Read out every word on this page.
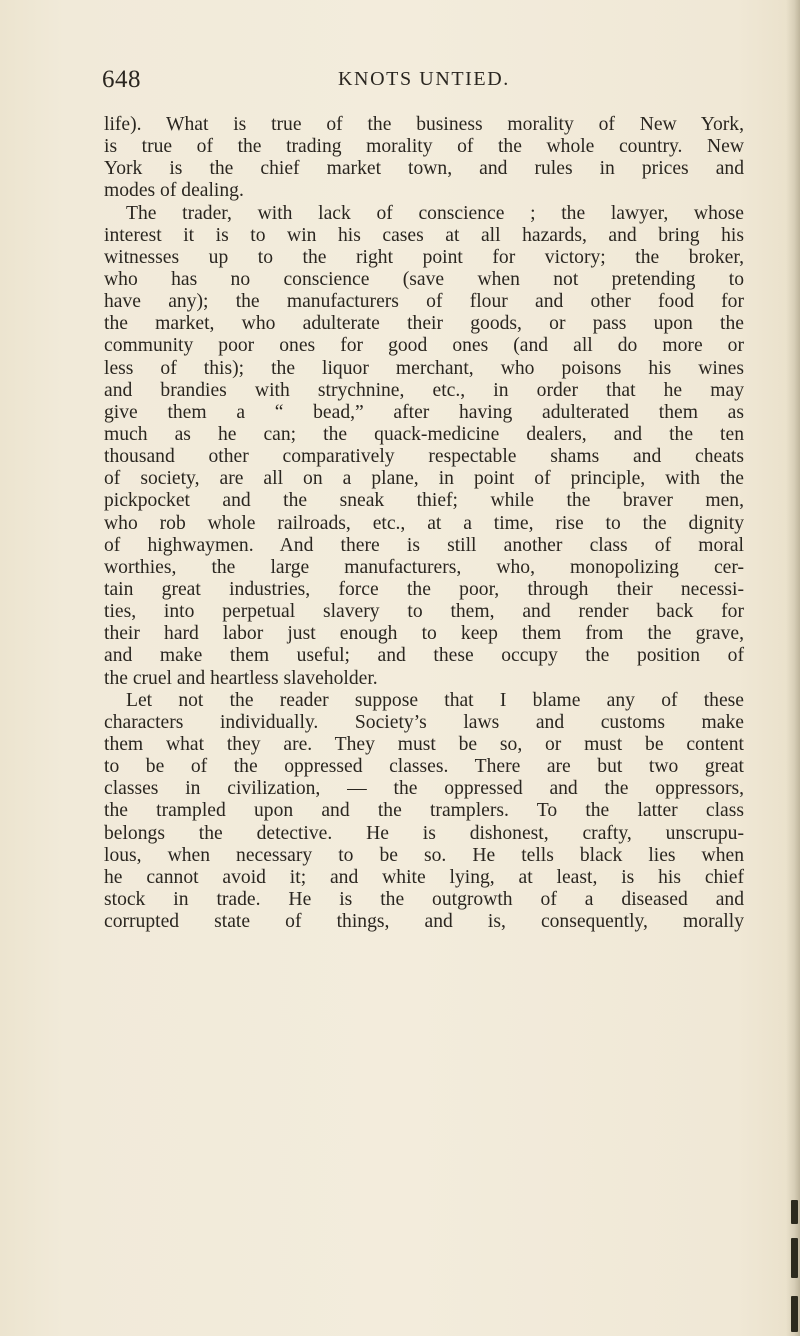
648	KNOTS UNTIED.
life). What is true of the business morality of New York,
is true of the trading morality of the whole country. New
York is the chief market town, and rules in prices and
modes of dealing.
The trader, with lack of conscience ; the lawyer, whose
interest it is to win his cases at all hazards, and bring his
witnesses up to the right point for victory; the broker,
who has no conscience (save when not pretending to
have any); the manufacturers of flour and other food for
the market, who adulterate their goods, or pass upon the
community poor ones for good ones (and all do more or
less of this); the liquor merchant, who poisons his wines
and brandies with strychnine, etc., in order that he may
give them a “ bead,” after having adulterated them as
much as he can; the quack-medicine dealers, and the ten
thousand other comparatively respectable shams and cheats
of society, are all on a plane, in point of principle, with the
pickpocket and the sneak thief; while the braver men,
who rob whole railroads, etc., at a time, rise to the dignity
of highwaymen. And there is still another class of moral
worthies, the large manufacturers, who, monopolizing cer-
tain great industries, force the poor, through their necessi-
ties, into perpetual slavery to them, and render back for
their hard labor just enough to keep them from the grave,
and make them useful; and these occupy the position of
the cruel and heartless slaveholder.
Let not the reader suppose that I blame any of these
characters individually. Society’s laws and customs make
them what they are. They must be so, or must be content
to be of the oppressed classes. There are but two great
classes in civilization, — the oppressed and the oppressors,
the trampled upon and the tramplers. To the latter class
belongs the detective. He is dishonest, crafty, unscrupu-
lous, when necessary to be so. He tells black lies when
he cannot avoid it; and white lying, at least, is his chief
stock in trade. He is the outgrowth of a diseased and
corrupted state of things, and is, consequently, morally
